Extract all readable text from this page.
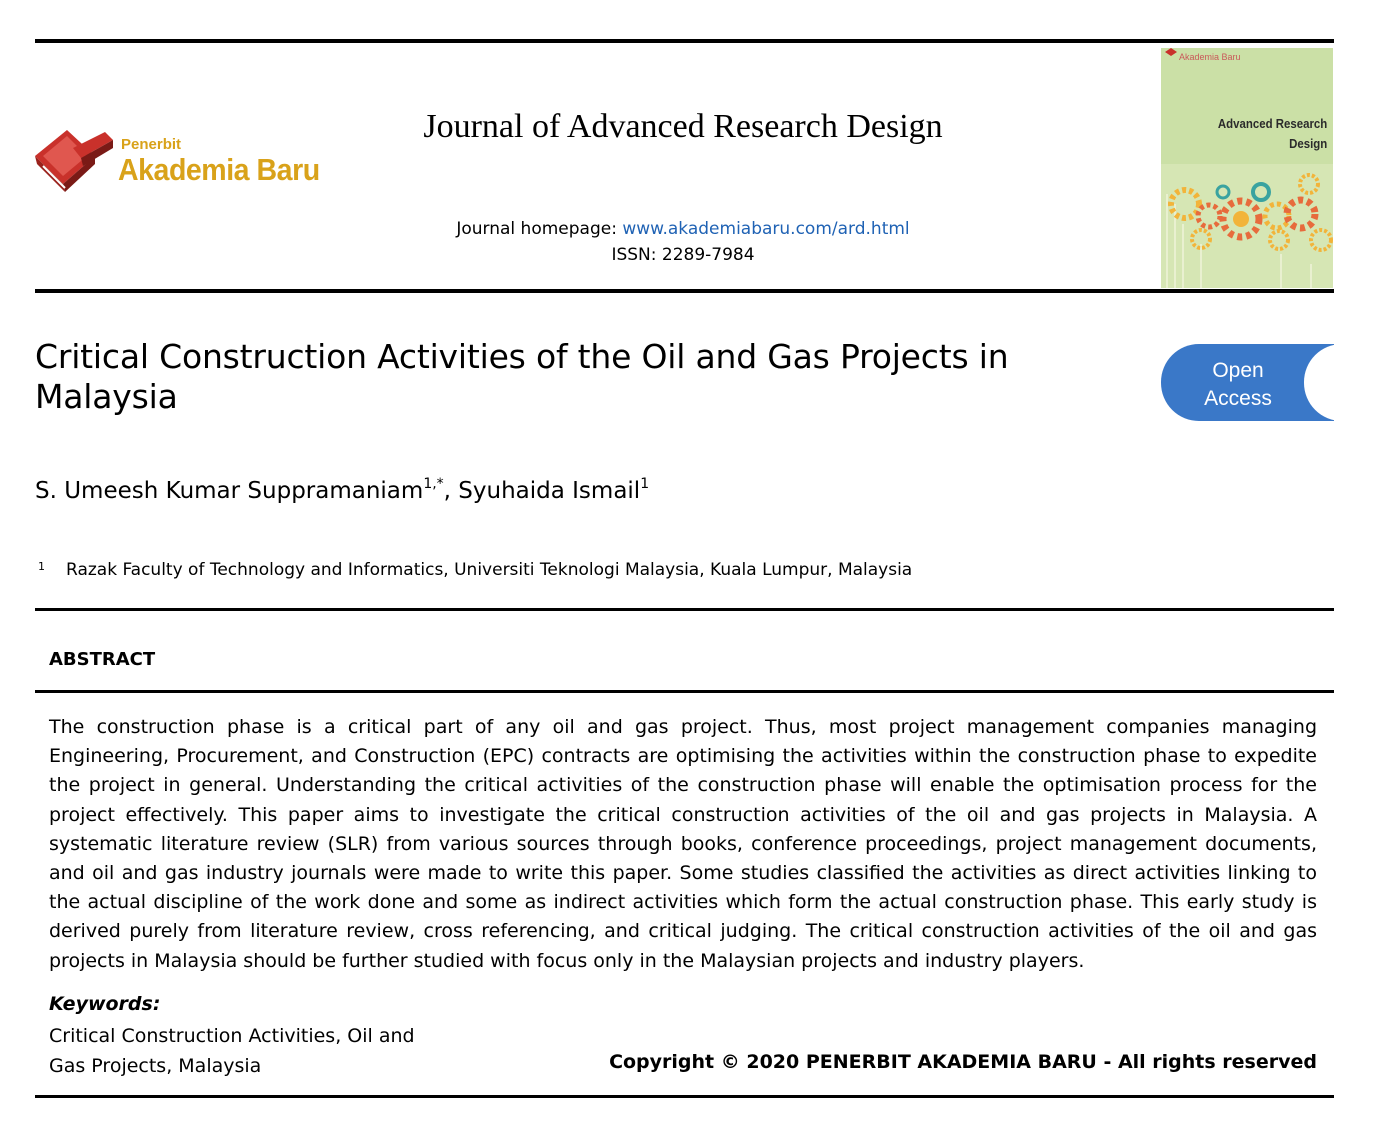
Penerbit
Akademia Baru
Journal of Advanced Research Design
Journal homepage: www.akademiabaru.com/ard.html
ISSN: 2289-7984
Akademia Baru
Advanced Research
Design
Critical Construction Activities of the Oil and Gas Projects in
Malaysia
Open
Access
S. Umeesh Kumar Suppramaniam$^{1,*}$, Syuhaida Ismail$^1$
1 Razak Faculty of Technology and Informatics, Universiti Teknologi Malaysia, Kuala Lumpur, Malaysia
ABSTRACT
The construction phase is a critical part of any oil and gas project. Thus, most project management companies managing Engineering, Procurement, and Construction (EPC) contracts are optimising the activities within the construction phase to expedite the project in general. Understanding the critical activities of the construction phase will enable the optimisation process for the project effectively. This paper aims to investigate the critical construction activities of the oil and gas projects in Malaysia. A systematic literature review (SLR) from various sources through books, conference proceedings, project management documents, and oil and gas industry journals were made to write this paper. Some studies classified the activities as direct activities linking to the actual discipline of the work done and some as indirect activities which form the actual construction phase. This early study is derived purely from literature review, cross referencing, and critical judging. The critical construction activities of the oil and gas projects in Malaysia should be further studied with focus only in the Malaysian projects and industry players.
Keywords:
Critical Construction Activities, Oil and Gas Projects, Malaysia	Copyright © 2020 PENERBIT AKADEMIA BARU - All rights reserved
